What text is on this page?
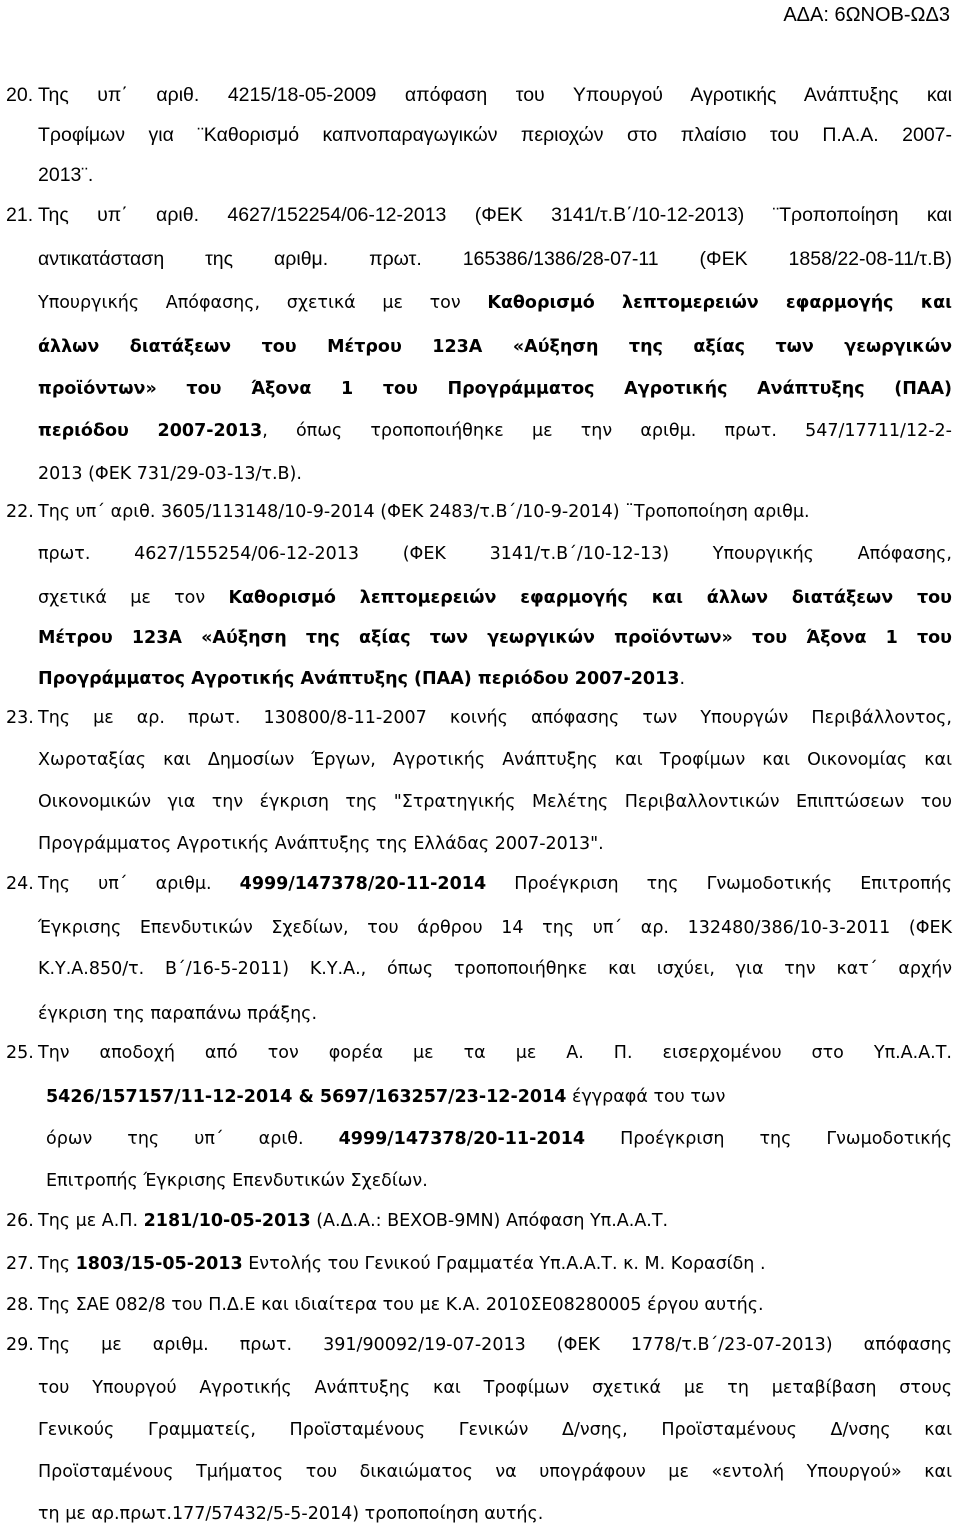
ΑΔΑ: 6ΩΝΟΒ-ΩΔ3
20. Της υπ΄ αριθ. 4215/18-05-2009 απόφαση του Υπουργού Αγροτικής Ανάπτυξης και
Τροφίμων για ¨Καθορισμό καπνοπαραγωγικών περιοχών στο πλαίσιο του Π.Α.Α. 2007-
2013¨.
21. Της υπ΄ αριθ. 4627/152254/06-12-2013 (ΦΕΚ 3141/τ.Β΄/10-12-2013) ¨Τροποποίηση και
αντικατάσταση της αριθμ. πρωτ. 165386/1386/28-07-11 (ΦΕΚ 1858/22-08-11/τ.Β)
Υπουργικής Απόφασης, σχετικά με τον Καθορισμό λεπτομερειών εφαρμογής και
άλλων διατάξεων του Μέτρου 123Α «Αύξηση της αξίας των γεωργικών
προϊόντων» του Άξονα 1 του Προγράμματος Αγροτικής Ανάπτυξης (ΠΑΑ)
περιόδου 2007-2013, όπως τροποποιήθηκε με την αριθμ. πρωτ. 547/17711/12-2-
2013 (ΦΕΚ 731/29-03-13/τ.Β).
22. Της υπ΄ αριθ. 3605/113148/10-9-2014 (ΦΕΚ 2483/τ.Β΄/10-9-2014) ¨Τροποποίηση αριθμ.
πρωτ. 4627/155254/06-12-2013 (ΦΕΚ 3141/τ.Β΄/10-12-13) Υπουργικής Απόφασης,
σχετικά με τον Καθορισμό λεπτομερειών εφαρμογής και άλλων διατάξεων του
Μέτρου 123Α «Αύξηση της αξίας των γεωργικών προϊόντων» του Άξονα 1 του
Προγράμματος Αγροτικής Ανάπτυξης (ΠΑΑ) περιόδου 2007-2013.
23. Της με αρ. πρωτ. 130800/8-11-2007 κοινής απόφασης των Υπουργών Περιβάλλοντος,
Χωροταξίας και Δημοσίων Έργων, Αγροτικής Ανάπτυξης και Τροφίμων και Οικονομίας και
Οικονομικών για την έγκριση της "Στρατηγικής Μελέτης Περιβαλλοντικών Επιπτώσεων του
Προγράμματος Αγροτικής Ανάπτυξης της Ελλάδας 2007-2013".
24. Της υπ΄ αριθμ. 4999/147378/20-11-2014 Προέγκριση της Γνωμοδοτικής Επιτροπής
Έγκρισης Επενδυτικών Σχεδίων, του άρθρου 14 της υπ΄ αρ. 132480/386/10-3-2011 (ΦΕΚ
Κ.Υ.Α.850/τ. Β΄/16-5-2011) Κ.Υ.Α., όπως τροποποιήθηκε και ισχύει, για την κατ΄ αρχήν
έγκριση της παραπάνω πράξης.
25. Την αποδοχή από τον φορέα με τα με Α. Π. εισερχομένου στο Υπ.Α.Α.Τ.
5426/157157/11-12-2014 & 5697/163257/23-12-2014 έγγραφά του των
όρων της υπ΄ αριθ. 4999/147378/20-11-2014 Προέγκριση της Γνωμοδοτικής
Επιτροπής Έγκρισης Επενδυτικών Σχεδίων.
26. Της με Α.Π. 2181/10-05-2013 (Α.Δ.Α.: ΒΕΧΟΒ-9ΜΝ) Απόφαση Υπ.Α.Α.Τ.
27. Της 1803/15-05-2013 Εντολής του Γενικού Γραμματέα Υπ.Α.Α.Τ. κ. Μ. Κορασίδη .
28. Της ΣΑΕ 082/8 του Π.Δ.Ε και ιδιαίτερα του με Κ.Α. 2010ΣΕ08280005 έργου αυτής.
29. Της με αριθμ. πρωτ. 391/90092/19-07-2013 (ΦΕΚ 1778/τ.Β΄/23-07-2013) απόφασης
του Υπουργού Αγροτικής Ανάπτυξης και Τροφίμων σχετικά με τη μεταβίβαση στους
Γενικούς Γραμματείς, Προϊσταμένους Γενικών Δ/νσης, Προϊσταμένους Δ/νσης και
Προϊσταμένους Τμήματος του δικαιώματος να υπογράφουν με «εντολή Υπουργού» και
τη με αρ.πρωτ.177/57432/5-5-2014) τροποποίηση αυτής.
